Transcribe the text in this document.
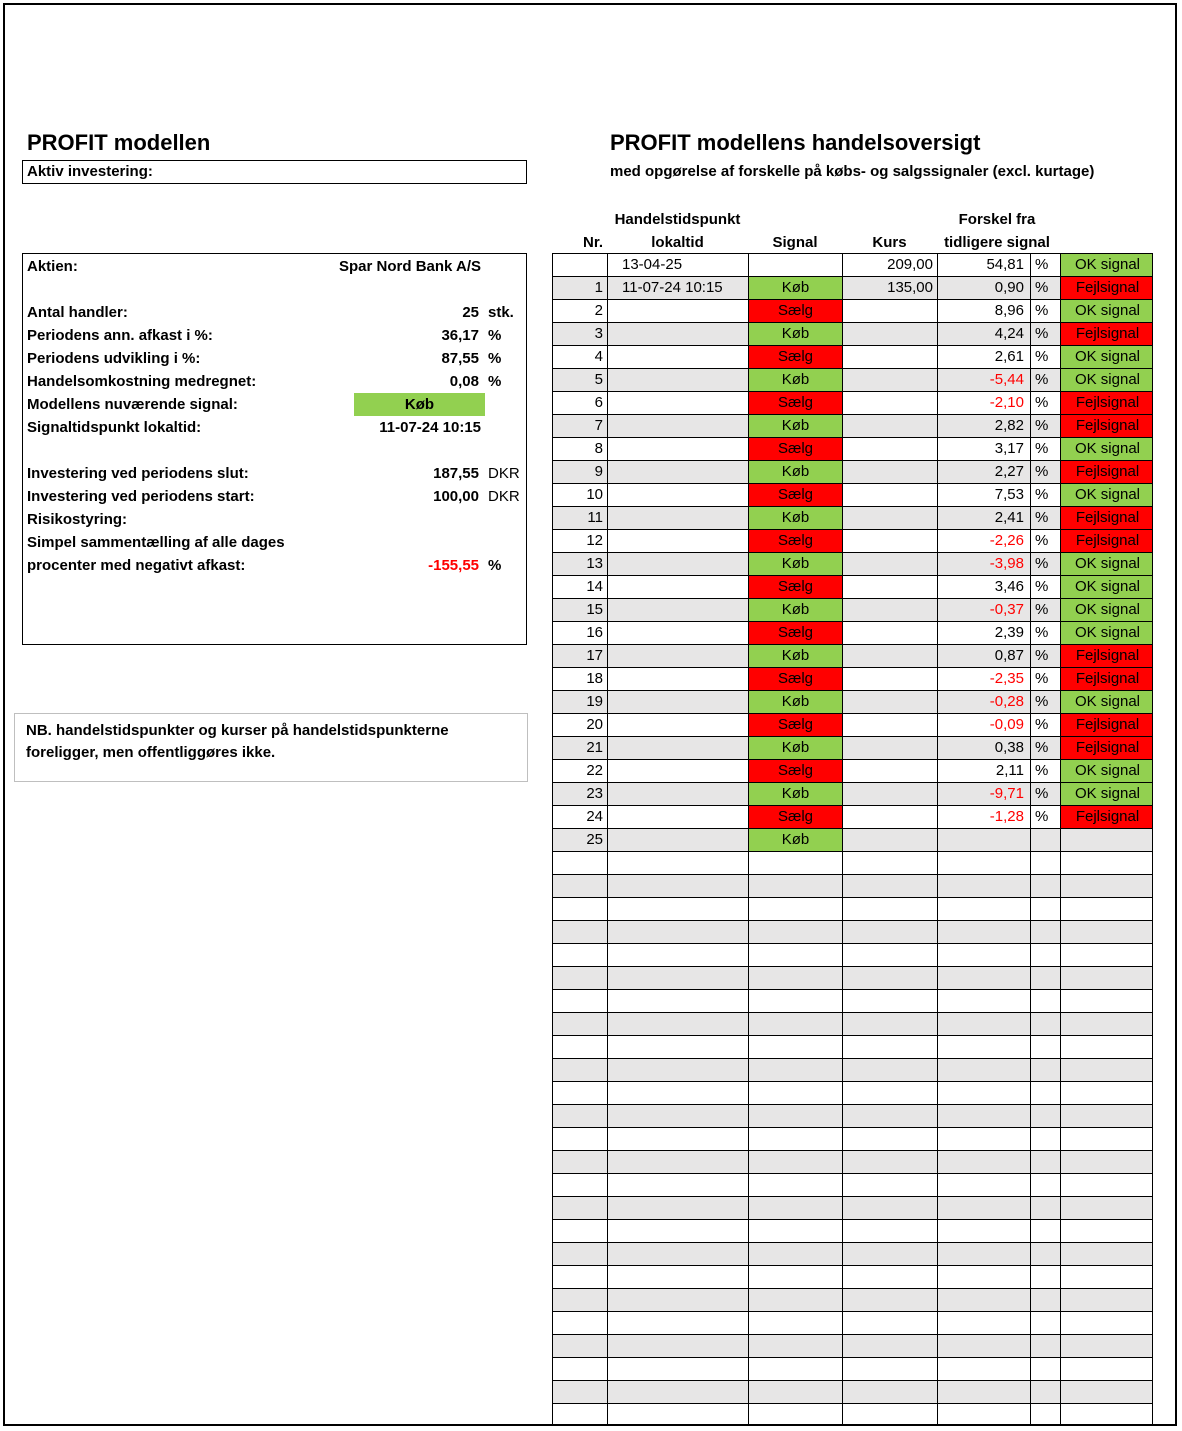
PROFIT modellen
Aktiv investering:
Aktien:	Spar Nord Bank A/S
Antal handler:	25 stk.
Periodens ann. afkast i %:	36,17 %
Periodens udvikling i %:	87,55 %
Handelsomkostning medregnet:	0,08 %
Modellens nuværende signal:	Køb
Signaltidspunkt lokaltid:	11-07-24 10:15
Investering ved periodens slut:	187,55 DKR
Investering ved periodens start:	100,00 DKR
Risikostyring:
Simpel sammentælling af alle dages
procenter med negativt afkast:	-155,55 %
NB. handelstidspunkter og kurser på handelstidspunkterne foreligger, men offentliggøres ikke.
PROFIT modellens handelsoversigt
med opgørelse af forskelle på købs- og salgssignaler (excl. kurtage)
Nr.
Handelstidspunkt
lokaltid	Signal	Kurs
Forskel fra
tidligere signal
13-04-25	209,00	54,81 %	OK signal
1	11-07-24 10:15	Køb	135,00	0,90 %	Fejlsignal
2	Sælg	8,96 %	OK signal
3	Køb	4,24 %	Fejlsignal
4	Sælg	2,61 %	OK signal
5	Køb	-5,44 %	OK signal
6	Sælg	-2,10 %	Fejlsignal
7	Køb	2,82 %	Fejlsignal
8	Sælg	3,17 %	OK signal
9	Køb	2,27 %	Fejlsignal
10	Sælg	7,53 %	OK signal
11	Køb	2,41 %	Fejlsignal
12	Sælg	-2,26 %	Fejlsignal
13	Køb	-3,98 %	OK signal
14	Sælg	3,46 %	OK signal
15	Køb	-0,37 %	OK signal
16	Sælg	2,39 %	OK signal
17	Køb	0,87 %	Fejlsignal
18	Sælg	-2,35 %	Fejlsignal
19	Køb	-0,28 %	OK signal
20	Sælg	-0,09 %	Fejlsignal
21	Køb	0,38 %	Fejlsignal
22	Sælg	2,11 %	OK signal
23	Køb	-9,71 %	OK signal
24	Sælg	-1,28 %	Fejlsignal
25	Køb
